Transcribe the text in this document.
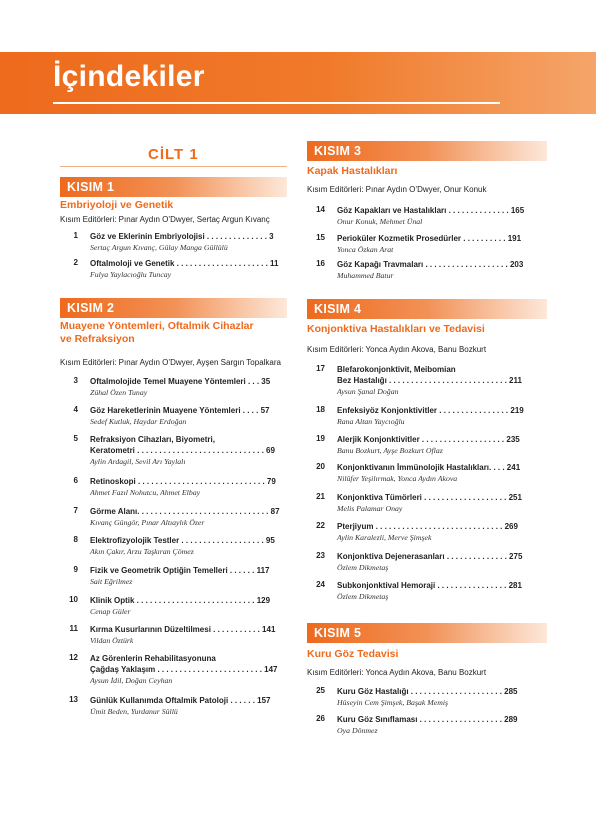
İçindekiler
CİLT 1
KISIM 1
Embriyoloji ve Genetik
Kısım Editörleri: Pınar Aydın O’Dwyer, Sertaç Argun Kıvanç
1 Göz ve Eklerinin Embriyolojisi . . . . . . . . . . . . . . 3
Sertaç Argun Kıvanç, Gülay Manga Güllülü
2 Oftalmoloji ve Genetik . . . . . . . . . . . . . . . . . . . . . 11
Fulya Yaylacıoğlu Tuncay
KISIM 2
Muayene Yöntemleri, Oftalmik Cihazlar
ve Refraksiyon
Kısım Editörleri: Pınar Aydın O’Dwyer, Ayşen Sargın Topalkara
3 Oftalmolojide Temel Muayene Yöntemleri . . . 35
Zühal Özen Tunay
4 Göz Hareketlerinin Muayene Yöntemleri . . . . 57
Sedef Kutluk, Haydar Erdoğan
5 Refraksiyon Cihazları, Biyometri,
Keratometri . . . . . . . . . . . . . . . . . . . . . . . . . . . . . 69
Aylin Ardagil, Sevil Arı Yaylalı
6 Retinoskopi . . . . . . . . . . . . . . . . . . . . . . . . . . . . . 79
Ahmet Fazıl Nohutcu, Ahmet Elbay
7 Görme Alanı. . . . . . . . . . . . . . . . . . . . . . . . . . . . . . 87
Kıvanç Güngör, Pınar Altıaylık Özer
8 Elektrofizyolojik Testler . . . . . . . . . . . . . . . . . . . 95
Akın Çakır, Arzu Taşkıran Çömez
9 Fizik ve Geometrik Optiğin Temelleri . . . . . . 117
Sait Eğrilmez
10 Klinik Optik . . . . . . . . . . . . . . . . . . . . . . . . . . . 129
Cenap Güler
11 Kırma Kusurlarının Düzeltilmesi . . . . . . . . . . . 141
Vildan Öztürk
12 Az Görenlerin Rehabilitasyonuna
Çağdaş Yaklaşım . . . . . . . . . . . . . . . . . . . . . . . . 147
Aysun İdil, Doğan Ceyhan
13 Günlük Kullanımda Oftalmik Patoloji . . . . . . 157
Ümit Beden, Yurdanur Süllü
KISIM 3
Kapak Hastalıkları
Kısım Editörleri: Pınar Aydın O’Dwyer, Onur Konuk
14 Göz Kapakları ve Hastalıkları . . . . . . . . . . . . . . 165
Onur Konuk, Mehmet Ünal
15 Perioküler Kozmetik Prosedürler . . . . . . . . . . 191
Yonca Özkan Arat
16 Göz Kapağı Travmaları . . . . . . . . . . . . . . . . . . . 203
Muhammed Batur
KISIM 4
Konjonktiva Hastalıkları ve Tedavisi
Kısım Editörleri: Yonca Aydın Akova, Banu Bozkurt
17 Blefarokonjonktivit, Meibomian
Bez Hastalığı . . . . . . . . . . . . . . . . . . . . . . . . . . . 211
Aysun Şanal Doğan
18 Enfeksiyöz Konjonktivitler . . . . . . . . . . . . . . . . 219
Rana Altan Yaycıoğlu
19 Alerjik Konjonktivitler . . . . . . . . . . . . . . . . . . . 235
Banu Bozkurt, Ayşe Bozkurt Oflaz
20 Konjonktivanın İmmünolojik Hastalıkları. . . . 241
Nilüfer Yeşilırmak, Yonca Aydın Akova
21 Konjonktiva Tümörleri . . . . . . . . . . . . . . . . . . . 251
Melis Palamar Onay
22 Pterjiyum . . . . . . . . . . . . . . . . . . . . . . . . . . . . . 269
Aylin Karalezli, Merve Şimşek
23 Konjonktiva Dejenerasanları . . . . . . . . . . . . . . 275
Özlem Dikmetaş
24 Subkonjonktival Hemoraji . . . . . . . . . . . . . . . . 281
Özlem Dikmetaş
KISIM 5
Kuru Göz Tedavisi
Kısım Editörleri: Yonca Aydın Akova, Banu Bozkurt
25 Kuru Göz Hastalığı . . . . . . . . . . . . . . . . . . . . . 285
Hüseyin Cem Şimşek, Başak Memiş
26 Kuru Göz Sınıflaması . . . . . . . . . . . . . . . . . . . 289
Oya Dönmez
